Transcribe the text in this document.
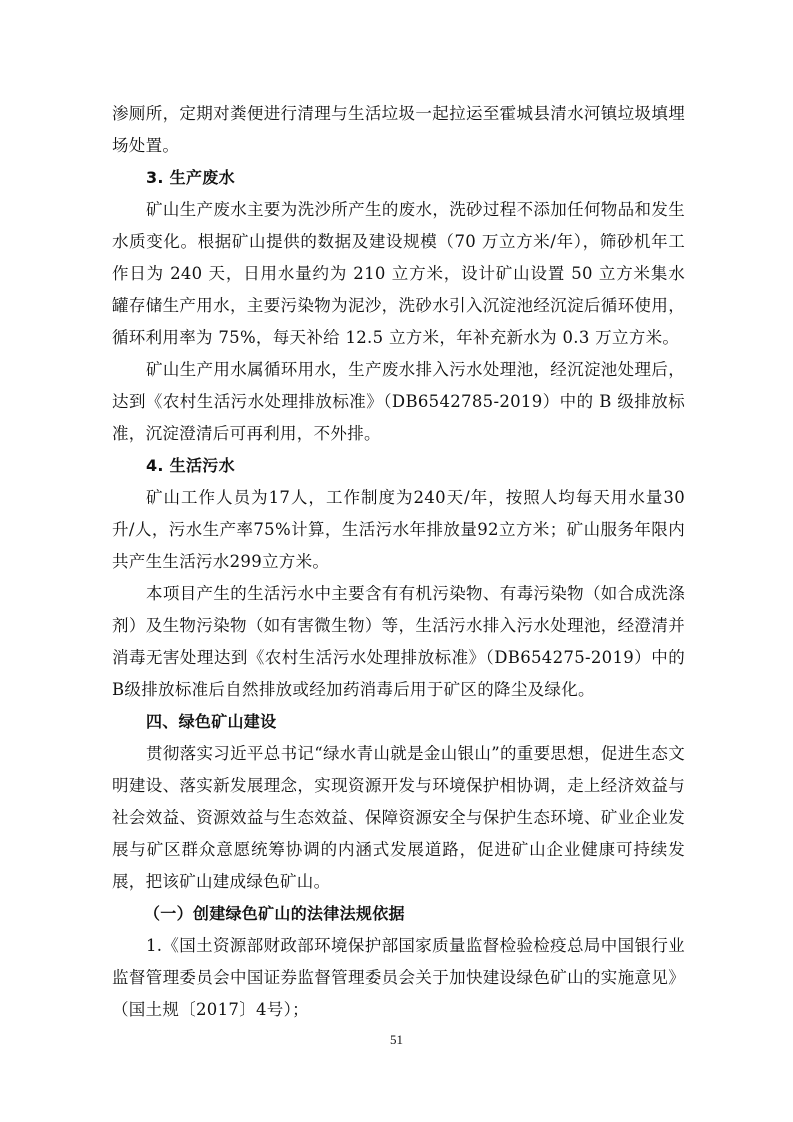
渗厕所，定期对粪便进行清理与生活垃圾一起拉运至霍城县清水河镇垃圾填埋场处置。

3. 生产废水

矿山生产废水主要为洗沙所产生的废水，洗砂过程不添加任何物品和发生水质变化。根据矿山提供的数据及建设规模（70 万立方米/年），筛砂机年工作日为 240 天，日用水量约为 210 立方米，设计矿山设置 50 立方米集水罐存储生产用水，主要污染物为泥沙，洗砂水引入沉淀池经沉淀后循环使用，循环利用率为 75%，每天补给 12.5 立方米，年补充新水为 0.3 万立方米。

矿山生产用水属循环用水，生产废水排入污水处理池，经沉淀池处理后，达到《农村生活污水处理排放标准》（DB6542785-2019）中的 B 级排放标准，沉淀澄清后可再利用，不外排。

4. 生活污水

矿山工作人员为17人，工作制度为240天/年，按照人均每天用水量30升/人，污水生产率75%计算，生活污水年排放量92立方米；矿山服务年限内共产生生活污水299立方米。

本项目产生的生活污水中主要含有有机污染物、有毒污染物（如合成洗涤剂）及生物污染物（如有害微生物）等，生活污水排入污水处理池，经澄清并消毒无害处理达到《农村生活污水处理排放标准》（DB654275-2019）中的B级排放标准后自然排放或经加药消毒后用于矿区的降尘及绿化。

四、绿色矿山建设

贯彻落实习近平总书记“绿水青山就是金山银山”的重要思想，促进生态文明建设、落实新发展理念，实现资源开发与环境保护相协调，走上经济效益与社会效益、资源效益与生态效益、保障资源安全与保护生态环境、矿业企业发展与矿区群众意愿统筹协调的内涵式发展道路，促进矿山企业健康可持续发展，把该矿山建成绿色矿山。

（一）创建绿色矿山的法律法规依据

1.《国土资源部财政部环境保护部国家质量监督检验检疫总局中国银行业监督管理委员会中国证券监督管理委员会关于加快建设绿色矿山的实施意见》（国土规〔2017〕4号）；

51
